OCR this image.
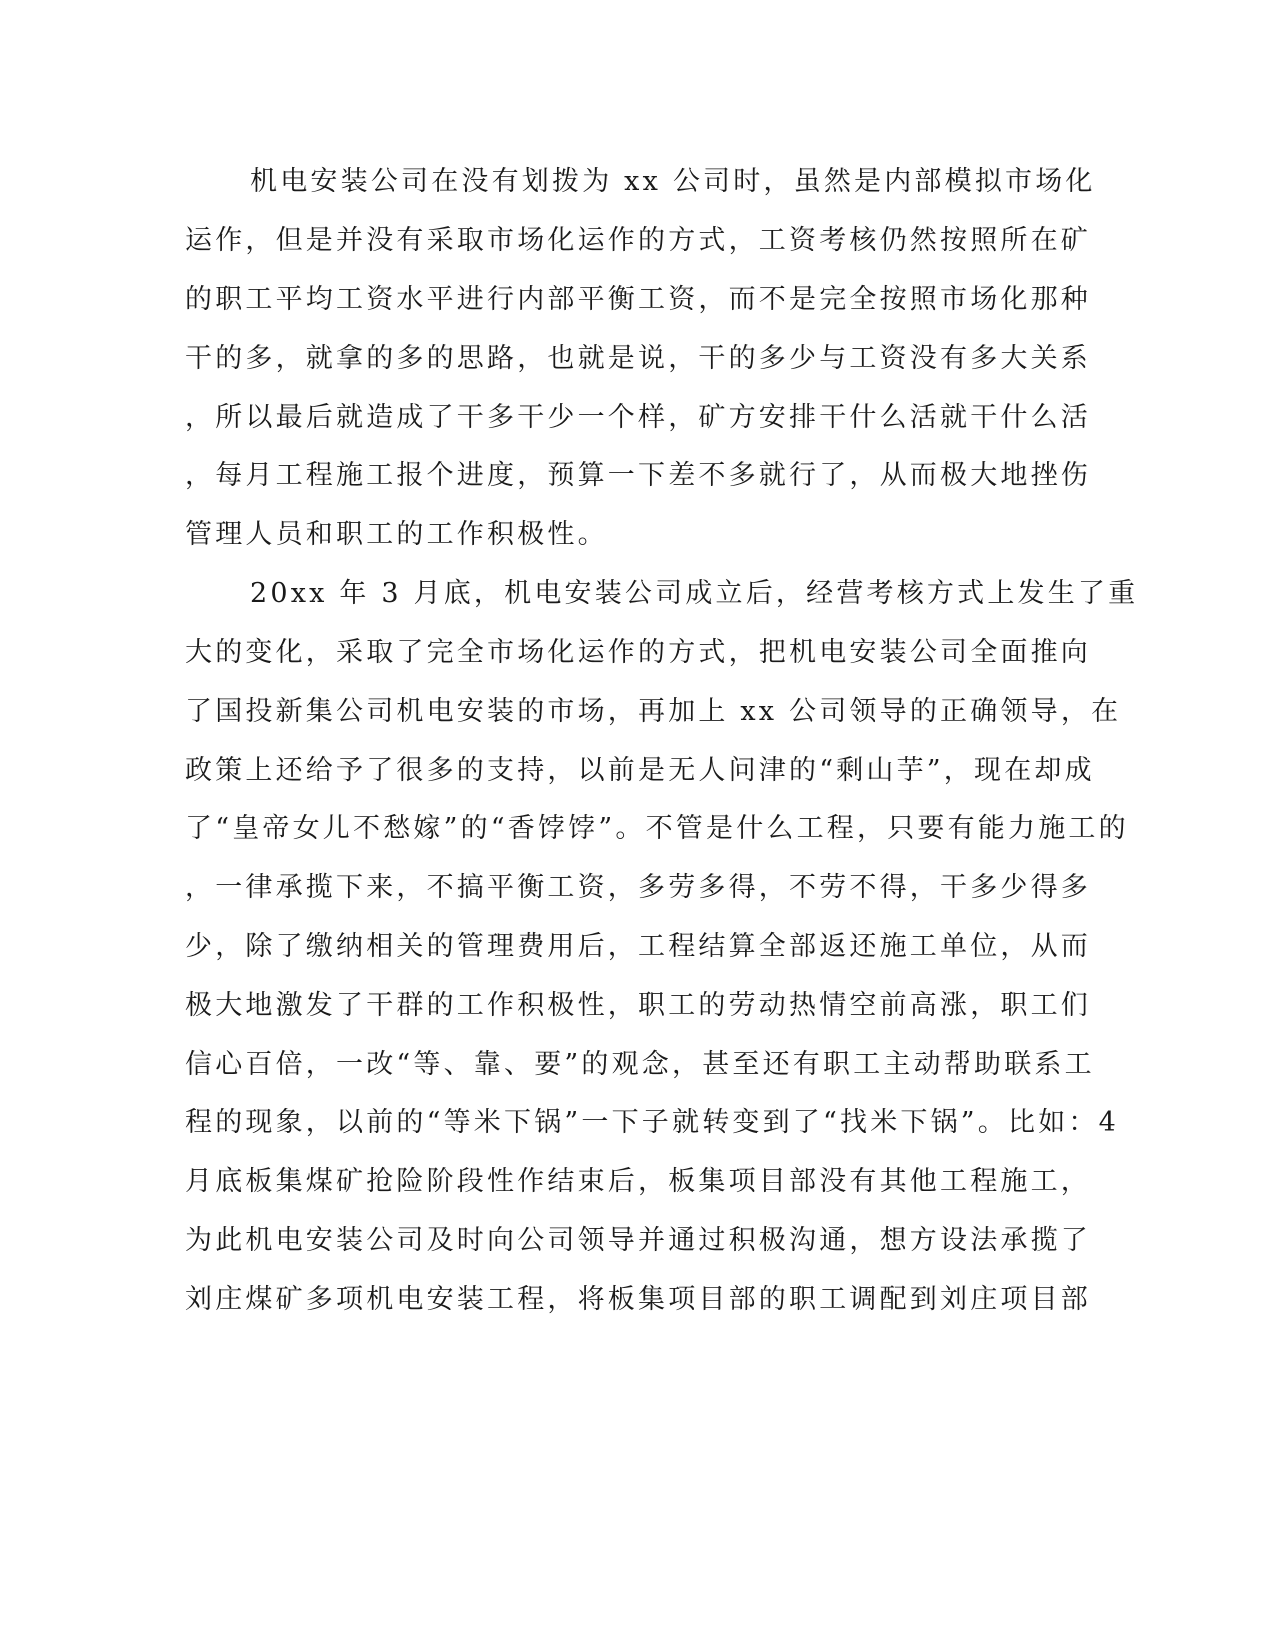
机电安装公司在没有划拨为 xx 公司时，虽然是内部模拟市场化
运作，但是并没有采取市场化运作的方式，工资考核仍然按照所在矿
的职工平均工资水平进行内部平衡工资，而不是完全按照市场化那种
干的多，就拿的多的思路，也就是说，干的多少与工资没有多大关系
，所以最后就造成了干多干少一个样，矿方安排干什么活就干什么活
，每月工程施工报个进度，预算一下差不多就行了，从而极大地挫伤
管理人员和职工的工作积极性。
20xx 年 3 月底，机电安装公司成立后，经营考核方式上发生了重
大的变化，采取了完全市场化运作的方式，把机电安装公司全面推向
了国投新集公司机电安装的市场，再加上 xx 公司领导的正确领导，在
政策上还给予了很多的支持，以前是无人问津的“剩山芋”，现在却成
了“皇帝女儿不愁嫁”的“香饽饽”。不管是什么工程，只要有能力施工的
，一律承揽下来，不搞平衡工资，多劳多得，不劳不得，干多少得多
少，除了缴纳相关的管理费用后，工程结算全部返还施工单位，从而
极大地激发了干群的工作积极性，职工的劳动热情空前高涨，职工们
信心百倍，一改“等、靠、要”的观念，甚至还有职工主动帮助联系工
程的现象，以前的“等米下锅”一下子就转变到了“找米下锅”。比如：4
月底板集煤矿抢险阶段性作结束后，板集项目部没有其他工程施工，
为此机电安装公司及时向公司领导并通过积极沟通，想方设法承揽了
刘庄煤矿多项机电安装工程，将板集项目部的职工调配到刘庄项目部
